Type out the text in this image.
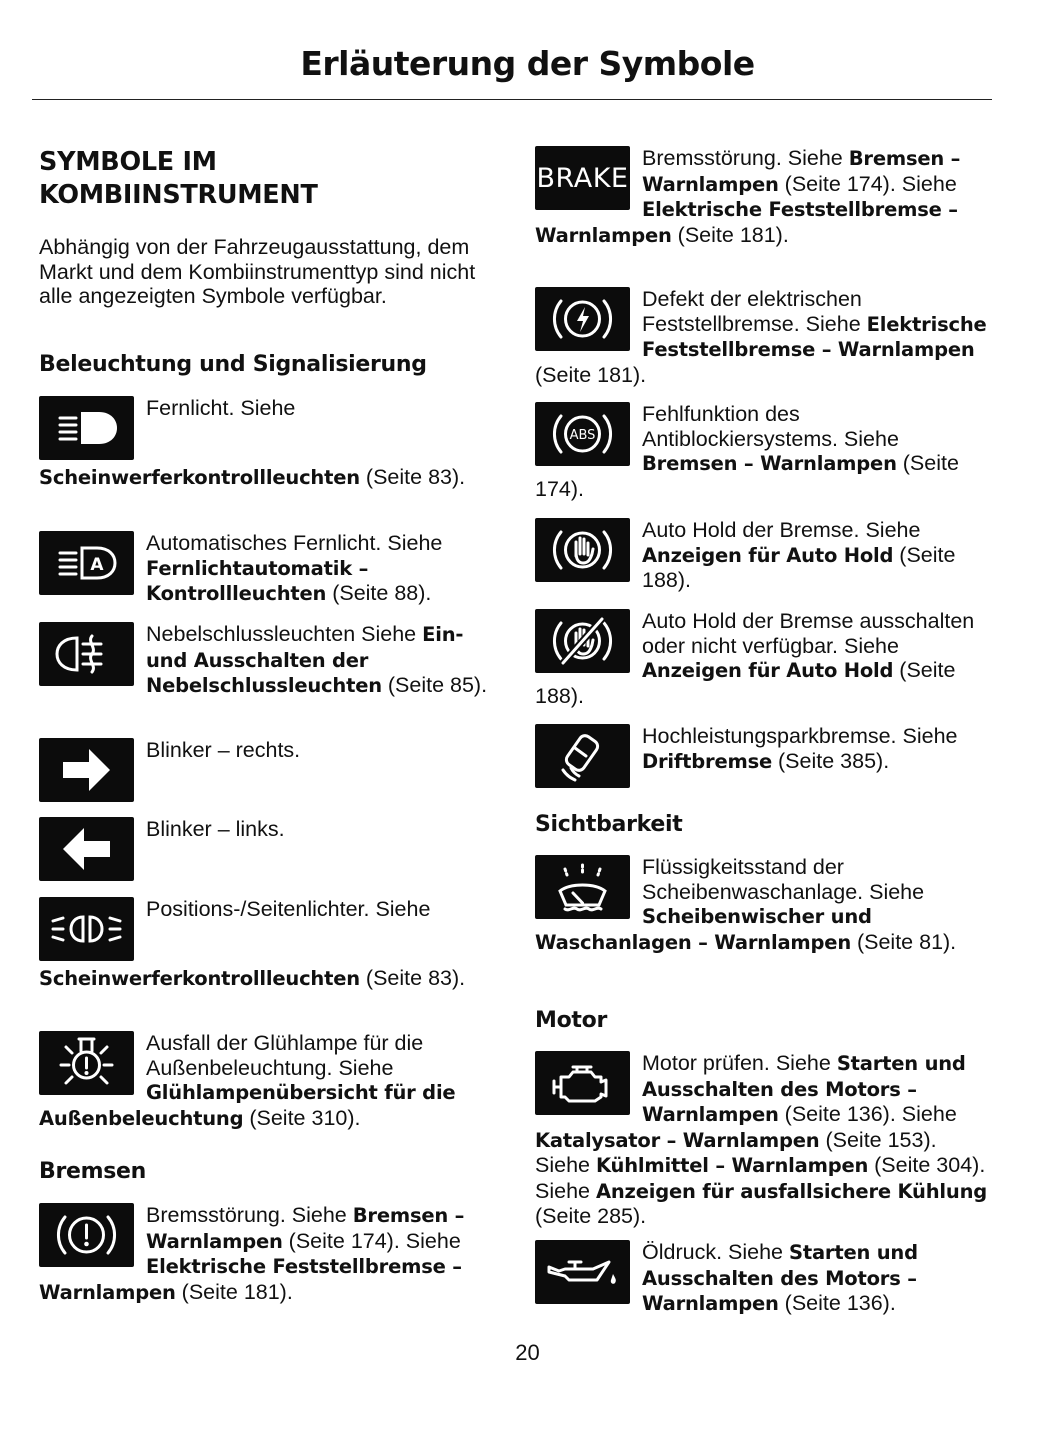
Erläuterung der Symbole
SYMBOLE IM KOMBIINSTRUMENT

Abhängig von der Fahrzeugausstattung, dem Markt und dem Kombiinstrumenttyp sind nicht alle angezeigten Symbole verfügbar.

Beleuchtung und Signalisierung
Fernlicht. Siehe
Scheinwerferkontrollleuchten (Seite 83).
A
Automatisches Fernlicht. Siehe Fernlichtautomatik – Kontrollleuchten (Seite 88).
Nebelschlussleuchten Siehe Ein- und Ausschalten der Nebelschlussleuchten (Seite 85).
Blinker – rechts.
Blinker – links.
Positions-/Seitenlichter. Siehe
Scheinwerferkontrollleuchten (Seite 83).
Ausfall der Glühlampe für die Außenbeleuchtung. Siehe Glühlampenübersicht für die Außenbeleuchtung (Seite 310).
Bremsen
Bremsstörung. Siehe Bremsen – Warnlampen (Seite 174). Siehe Elektrische Feststellbremse – Warnlampen (Seite 181).
BRAKE
Bremsstörung. Siehe Bremsen – Warnlampen (Seite 174). Siehe Elektrische Feststellbremse – Warnlampen (Seite 181).
Defekt der elektrischen Feststellbremse. Siehe Elektrische Feststellbremse – Warnlampen (Seite 181).
ABS
Fehlfunktion des Antiblockiersystems. Siehe Bremsen – Warnlampen (Seite 174).
Auto Hold der Bremse. Siehe Anzeigen für Auto Hold (Seite 188).
Auto Hold der Bremse ausschalten oder nicht verfügbar. Siehe Anzeigen für Auto Hold (Seite 188).
Hochleistungsparkbremse. Siehe Driftbremse (Seite 385).
Sichtbarkeit
Flüssigkeitsstand der Scheibenwaschanlage. Siehe Scheibenwischer und Waschanlagen – Warnlampen (Seite 81).
Motor
Motor prüfen. Siehe Starten und Ausschalten des Motors – Warnlampen (Seite 136). Siehe Katalysator – Warnlampen (Seite 153). Siehe Kühlmittel – Warnlampen (Seite 304). Siehe Anzeigen für ausfallsichere Kühlung (Seite 285).
Öldruck. Siehe Starten und Ausschalten des Motors – Warnlampen (Seite 136).
20
